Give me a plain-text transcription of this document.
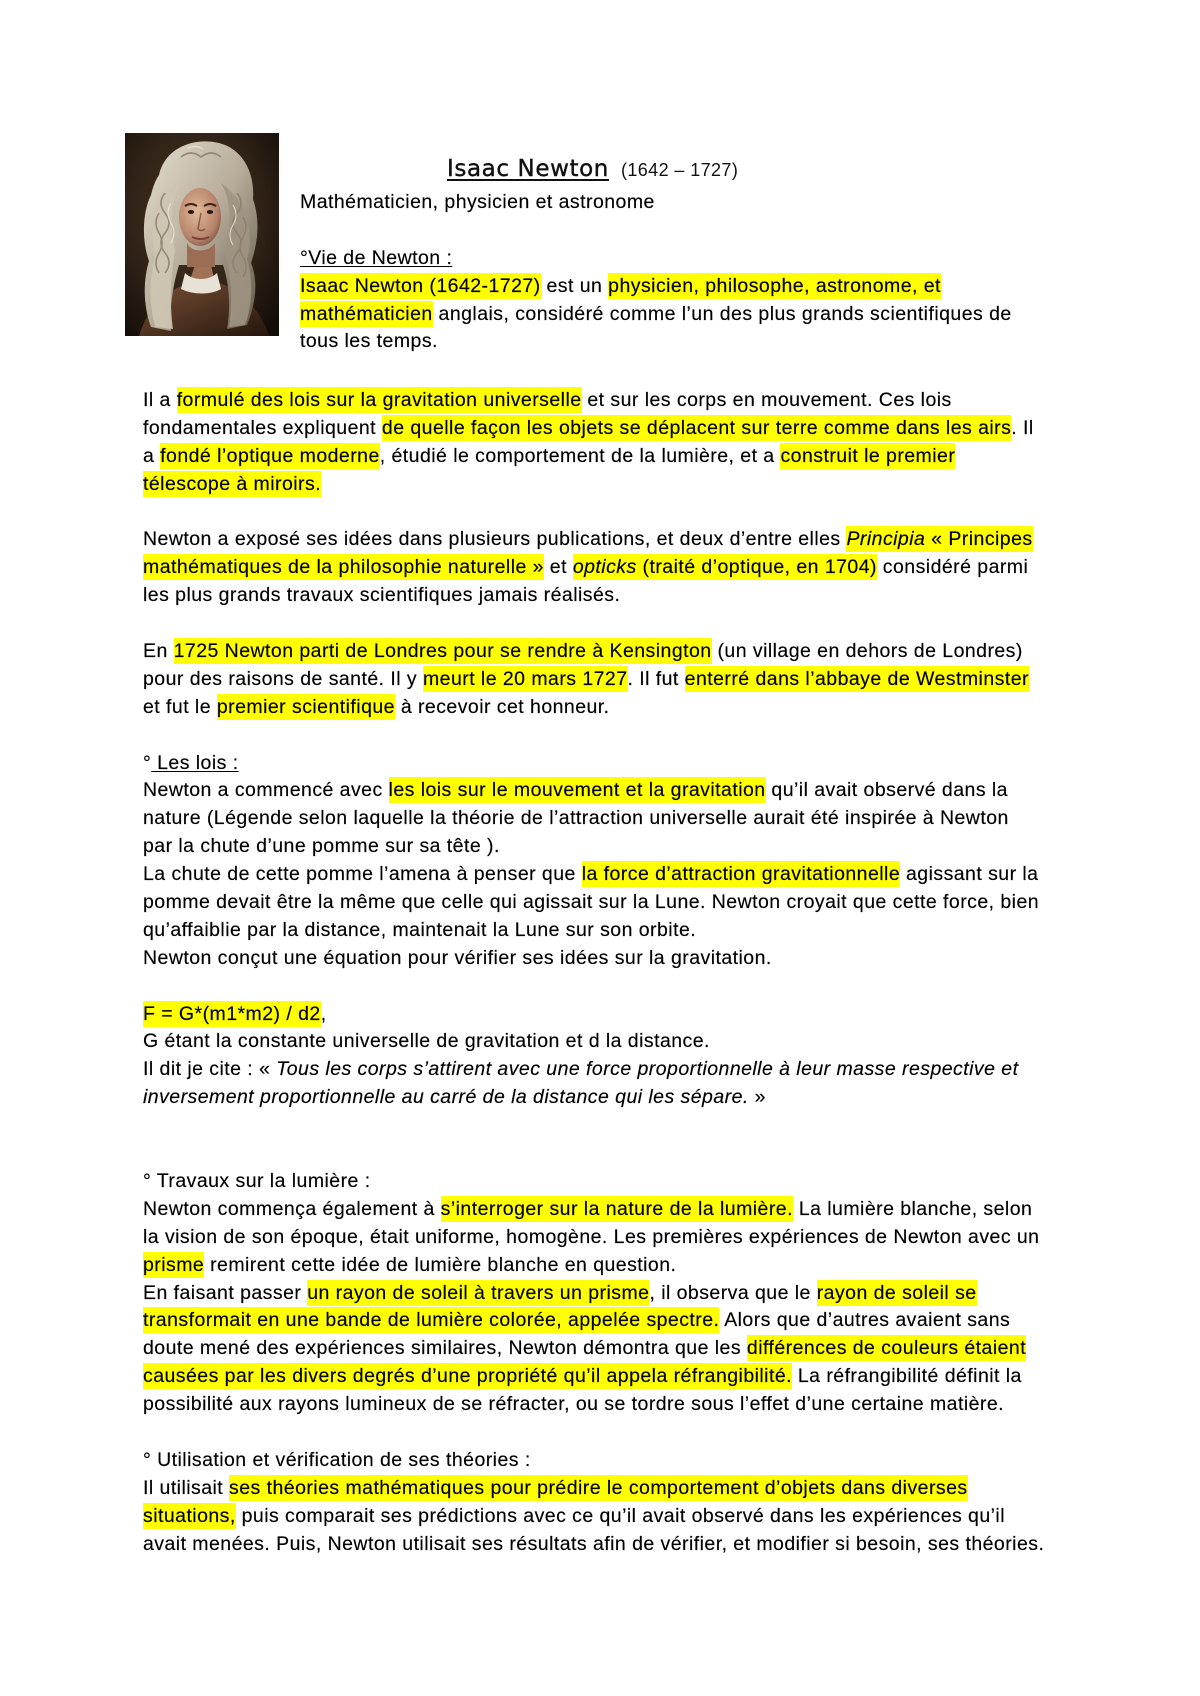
Isaac Newton (1642 – 1727)
Mathématicien, physicien et astronome
°Vie de Newton :
Isaac Newton (1642-1727) est un physicien, philosophe, astronome, et
mathématicien anglais, considéré comme l’un des plus grands scientifiques de
tous les temps.
Il a formulé des lois sur la gravitation universelle et sur les corps en mouvement. Ces lois
fondamentales expliquent de quelle façon les objets se déplacent sur terre comme dans les airs. Il
a fondé l’optique moderne, étudié le comportement de la lumière, et a construit le premier
télescope à miroirs.
Newton a exposé ses idées dans plusieurs publications, et deux d’entre elles Principia « Principes
mathématiques de la philosophie naturelle » et opticks (traité d’optique, en 1704) considéré parmi
les plus grands travaux scientifiques jamais réalisés.
En 1725 Newton parti de Londres pour se rendre à Kensington (un village en dehors de Londres)
pour des raisons de santé. Il y meurt le 20 mars 1727. Il fut enterré dans l’abbaye de Westminster
et fut le premier scientifique à recevoir cet honneur.
° Les lois :
Newton a commencé avec les lois sur le mouvement et la gravitation qu’il avait observé dans la
nature (Légende selon laquelle la théorie de l’attraction universelle aurait été inspirée à Newton
par la chute d’une pomme sur sa tête ).
La chute de cette pomme l’amena à penser que la force d’attraction gravitationnelle agissant sur la
pomme devait être la même que celle qui agissait sur la Lune. Newton croyait que cette force, bien
qu’affaiblie par la distance, maintenait la Lune sur son orbite.
Newton conçut une équation pour vérifier ses idées sur la gravitation.
F = G*(m1*m2) / d2,
G étant la constante universelle de gravitation et d la distance.
Il dit je cite : « Tous les corps s’attirent avec une force proportionnelle à leur masse respective et
inversement proportionnelle au carré de la distance qui les sépare. »
° Travaux sur la lumière :
Newton commença également à s’interroger sur la nature de la lumière. La lumière blanche, selon
la vision de son époque, était uniforme, homogène. Les premières expériences de Newton avec un
prisme remirent cette idée de lumière blanche en question.
En faisant passer un rayon de soleil à travers un prisme, il observa que le rayon de soleil se
transformait en une bande de lumière colorée, appelée spectre. Alors que d’autres avaient sans
doute mené des expériences similaires, Newton démontra que les différences de couleurs étaient
causées par les divers degrés d’une propriété qu’il appela réfrangibilité. La réfrangibilité définit la
possibilité aux rayons lumineux de se réfracter, ou se tordre sous l’effet d’une certaine matière.
° Utilisation et vérification de ses théories :
Il utilisait ses théories mathématiques pour prédire le comportement d’objets dans diverses
situations, puis comparait ses prédictions avec ce qu’il avait observé dans les expériences qu’il
avait menées. Puis, Newton utilisait ses résultats afin de vérifier, et modifier si besoin, ses théories.
